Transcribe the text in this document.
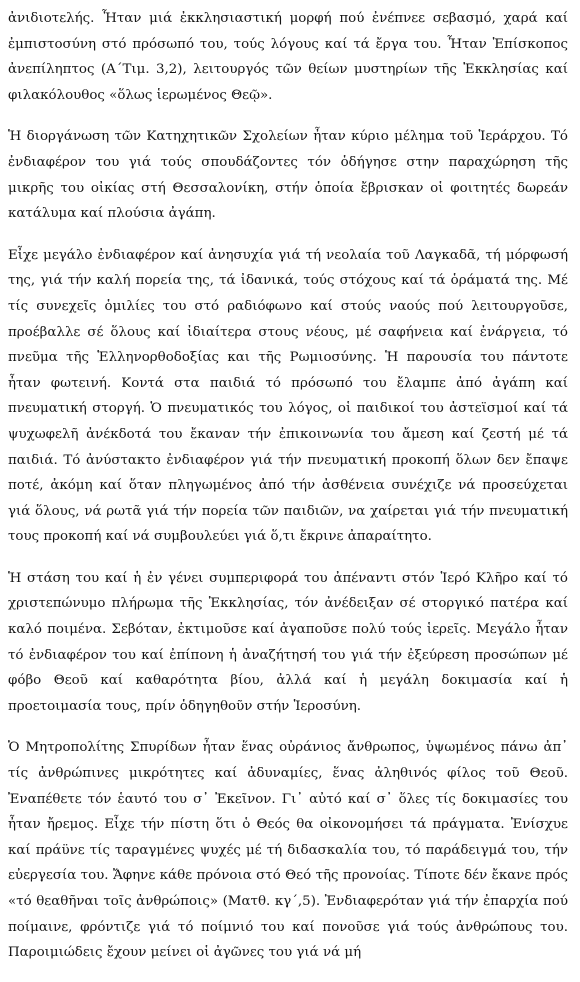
ἀνιδιοτελής. Ἦταν μιά ἐκκλησιαστική μορφή πού ἐνέπνεε σεβασμό, χαρά καί ἐμπιστοσύνη στό πρόσωπό του, τούς λόγους καί τά ἔργα του. Ἦταν Ἐπίσκοπος ἀνεπίληπτος (Α΄Τιμ. 3,2), λειτουργός τῶν θείων μυστηρίων τῆς Ἐκκλησίας καί φιλακόλουθος «ὅλως ἱερωμένος Θεῷ».

Ἡ διοργάνωση τῶν Κατηχητικῶν Σχολείων ἦταν κύριο μέλημα τοῦ Ἱεράρχου. Τό ἐνδιαφέρον του γιά τούς σπουδάζοντες τόν ὁδήγησε στην παραχώρηση τῆς μικρῆς του οἰκίας στή Θεσσαλονίκη, στήν ὁποία ἔβρισκαν οἱ φοιτητές δωρεάν κατάλυμα καί πλούσια ἀγάπη.

Εἶχε μεγάλο ἐνδιαφέρον καί ἀνησυχία γιά τή νεολαία τοῦ Λαγκαδᾶ, τή μόρφωσή της, γιά τήν καλή πορεία της, τά ἰδανικά, τούς στόχους καί τά ὁράματά της. Μέ τίς συνεχεῖς ὁμιλίες του στό ραδιόφωνο καί στούς ναούς πού λειτουργοῦσε, προέβαλλε σέ ὅλους καί ἰδιαίτερα στους νέους, μέ σαφήνεια καί ἐνάργεια, τό πνεῦμα τῆς Ἑλληνορθοδοξίας και τῆς Ρωμιοσύνης. Ἡ παρουσία του πάντοτε ἦταν φωτεινή. Κοντά στα παιδιά τό πρόσωπό του ἔλαμπε ἀπό ἀγάπη καί πνευματική στοργή. Ὁ πνευματικός του λόγος, οἱ παιδικοί του ἀστεϊσμοί καί τά ψυχωφελῆ ἀνέκδοτά του ἔκαναν τήν ἐπικοινωνία του ἄμεση καί ζεστή μέ τά παιδιά. Τό ἀνύστακτο ἐνδιαφέρον γιά τήν πνευματική προκοπή ὅλων δεν ἔπαψε ποτέ, ἀκόμη καί ὅταν πληγωμένος ἀπό τήν ἀσθένεια συνέχιζε νά προσεύχεται γιά ὅλους, νά ρωτᾶ γιά τήν πορεία τῶν παιδιῶν, να χαίρεται γιά τήν πνευματική τους προκοπή καί νά συμβουλεύει γιά ὅ,τι ἔκρινε ἀπαραίτητο.

Ἡ στάση του καί ἡ ἐν γένει συμπεριφορά του ἀπέναντι στόν Ἱερό Κλῆρο καί τό χριστεπώνυμο πλήρωμα τῆς Ἐκκλησίας, τόν ἀνέδειξαν σέ στοργικό πατέρα καί καλό ποιμένα. Σεβόταν, ἐκτιμοῦσε καί ἀγαποῦσε πολύ τούς ἱερεῖς. Μεγάλο ἦταν τό ἐνδιαφέρον του καί ἐπίπονη ἡ ἀναζήτησή του γιά τήν ἐξεύρεση προσώπων μέ φόβο Θεοῦ καί καθαρότητα βίου, ἀλλά καί ἡ μεγάλη δοκιμασία καί ἡ προετοιμασία τους, πρίν ὁδηγηθοῦν στήν Ἱεροσύνη.

Ὁ Μητροπολίτης Σπυρίδων ἦταν ἕνας οὐράνιος ἄνθρωπος, ὑψωμένος πάνω ἀπ᾿ τίς ἀνθρώπινες μικρότητες καί ἀδυναμίες, ἕνας ἀληθινός φίλος τοῦ Θεοῦ. Ἐναπέθετε τόν ἑαυτό του σ᾿ Ἐκεῖνον. Γι᾿ αὐτό καί σ᾿ ὅλες τίς δοκιμασίες του ἦταν ἤρεμος. Εἶχε τήν πίστη ὅτι ὁ Θεός θα οἰκονομήσει τά πράγματα. Ἐνίσχυε καί πράϋνε τίς ταραγμένες ψυχές μέ τή διδασκαλία του, τό παράδειγμά του, τήν εὐεργεσία του. Ἄφηνε κάθε πρόνοια στό Θεό τῆς προνοίας. Τίποτε δέν ἔκανε πρός «τό θεαθῆναι τοῖς ἀνθρώποις» (Ματθ. κγ΄,5). Ἐνδιαφερόταν γιά τήν ἐπαρχία πού ποίμαινε, φρόντιζε γιά τό ποίμνιό του καί πονοῦσε γιά τούς ἀνθρώπους του. Παροιμιώδεις ἔχουν μείνει οἱ ἀγῶνες του γιά νά μή
